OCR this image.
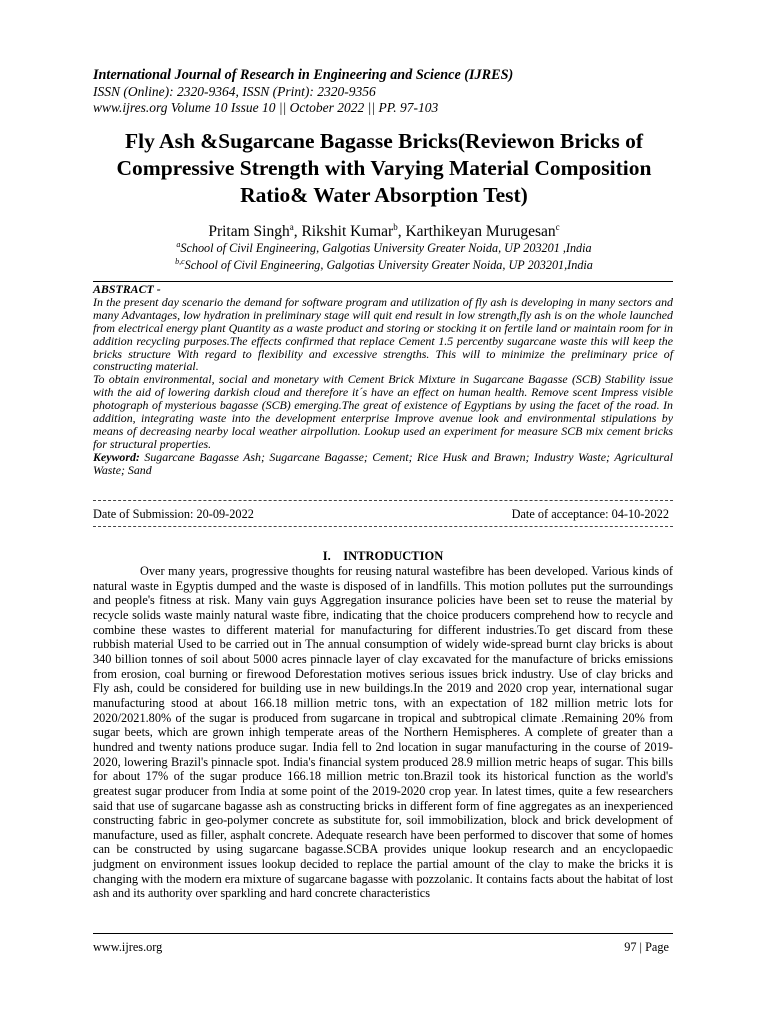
International Journal of Research in Engineering and Science (IJRES)
ISSN (Online): 2320-9364, ISSN (Print): 2320-9356
www.ijres.org Volume 10 Issue 10 || October 2022 || PP. 97-103
Fly Ash &Sugarcane Bagasse Bricks(Reviewon Bricks of Compressive Strength with Varying Material Composition Ratio& Water Absorption Test)
Pritam Singh$^a$, Rikshit Kumar$^b$, Karthikeyan Murugesan$^c$
$^a$School of Civil Engineering, Galgotias University Greater Noida, UP 203201 ,India
$^{b,c}$School of Civil Engineering, Galgotias University Greater Noida, UP 203201,India
ABSTRACT -

In the present day scenario the demand for software program and utilization of fly ash is developing in many sectors and many Advantages, low hydration in preliminary stage will quit end result in low strength,fly ash is on the whole launched from electrical energy plant Quantity as a waste product and storing or stocking it on fertile land or maintain room for in addition recycling purposes.The effects confirmed that replace Cement 1.5 percentby sugarcane waste this will keep the bricks structure With regard to flexibility and excessive strengths. This will to minimize the preliminary price of constructing material.

To obtain environmental, social and monetary with Cement Brick Mixture in Sugarcane Bagasse (SCB) Stability issue with the aid of lowering darkish cloud and therefore it´s have an effect on human health. Remove scent Impress visible photograph of mysterious bagasse (SCB) emerging.The great of existence of Egyptians by using the facet of the road. In addition, integrating waste into the development enterprise Improve avenue look and environmental stipulations by means of decreasing nearby local weather airpollution. Lookup used an experiment for measure SCB mix cement bricks for structural properties.

Keyword: Sugarcane Bagasse Ash; Sugarcane Bagasse; Cement; Rice Husk and Brawn; Industry Waste; Agricultural Waste; Sand

Date of Submission: 20-09-2022	Date of acceptance: 04-10-2022
I. INTRODUCTION

Over many years, progressive thoughts for reusing natural wastefibre has been developed. Various kinds of natural waste in Egyptis dumped and the waste is disposed of in landfills. This motion pollutes put the surroundings and people's fitness at risk. Many vain guys Aggregation insurance policies have been set to reuse the material by recycle solids waste mainly natural waste fibre, indicating that the choice producers comprehend how to recycle and combine these wastes to different material for manufacturing for different industries.To get discard from these rubbish material Used to be carried out in The annual consumption of widely wide-spread burnt clay bricks is about 340 billion tonnes of soil about 5000 acres pinnacle layer of clay excavated for the manufacture of bricks emissions from erosion, coal burning or firewood Deforestation motives serious issues brick industry. Use of clay bricks and Fly ash, could be considered for building use in new buildings.In the 2019 and 2020 crop year, international sugar manufacturing stood at about 166.18 million metric tons, with an expectation of 182 million metric lots for 2020/2021.80% of the sugar is produced from sugarcane in tropical and subtropical climate .Remaining 20% from sugar beets, which are grown inhigh temperate areas of the Northern Hemispheres. A complete of greater than a hundred and twenty nations produce sugar. India fell to 2nd location in sugar manufacturing in the course of 2019-2020, lowering Brazil's pinnacle spot. India's financial system produced 28.9 million metric heaps of sugar. This bills for about 17% of the sugar produce 166.18 million metric ton.Brazil took its historical function as the world's greatest sugar producer from India at some point of the 2019-2020 crop year. In latest times, quite a few researchers said that use of sugarcane bagasse ash as constructing bricks in different form of fine aggregates as an inexperienced constructing fabric in geo-polymer concrete as substitute for, soil immobilization, block and brick development of manufacture, used as filler, asphalt concrete. Adequate research have been performed to discover that some of homes can be constructed by using sugarcane bagasse.SCBA provides unique lookup research and an encyclopaedic judgment on environment issues lookup decided to replace the partial amount of the clay to make the bricks it is changing with the modern era mixture of sugarcane bagasse with pozzolanic. It contains facts about the habitat of lost ash and its authority over sparkling and hard concrete characteristics

www.ijres.org	97 | Page
